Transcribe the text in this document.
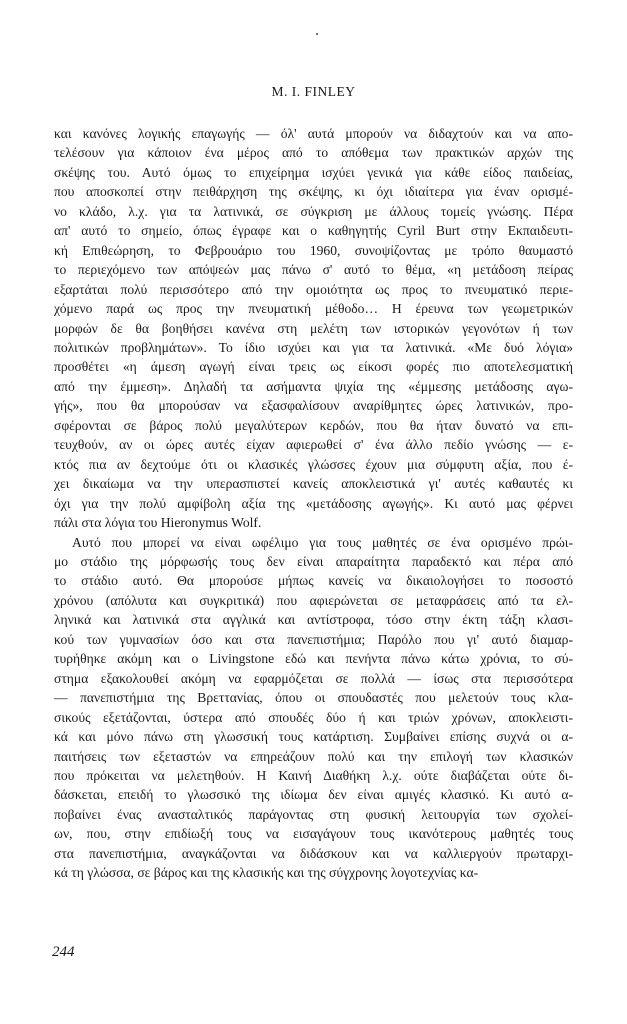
M. I. FINLEY

και κανόνες λογικής επαγωγής — όλ' αυτά μπορούν να διδαχτούν και να απο-
τελέσουν για κάποιον ένα μέρος από το απόθεμα των πρακτικών αρχών της
σκέψης του. Αυτό όμως το επιχείρημα ισχύει γενικά για κάθε είδος παιδείας,
που αποσκοπεί στην πειθάρχηση της σκέψης, κι όχι ιδιαίτερα για έναν ορισμέ-
νο κλάδο, λ.χ. για τα λατινικά, σε σύγκριση με άλλους τομείς γνώσης. Πέρα
απ' αυτό το σημείο, όπως έγραφε και ο καθηγητής Cyril Burt στην Εκπαιδευτι-
κή Επιθεώρηση, το Φεβρουάριο του 1960, συνοψίζοντας με τρόπο θαυμαστό
το περιεχόμενο των απόψεών μας πάνω σ' αυτό το θέμα, «η μετάδοση πείρας
εξαρτάται πολύ περισσότερο από την ομοιότητα ως προς το πνευματικό περιε-
χόμενο παρά ως προς την πνευματική μέθοδο… Η έρευνα των γεωμετρικών
μορφών δε θα βοηθήσει κανένα στη μελέτη των ιστορικών γεγονότων ή των
πολιτικών προβλημάτων». Το ίδιο ισχύει και για τα λατινικά. «Με δυό λόγια»
προσθέτει «η άμεση αγωγή είναι τρεις ως είκοσι φορές πιο αποτελεσματική
από την έμμεση». Δηλαδή τα ασήμαντα ψιχία της «έμμεσης μετάδοσης αγω-
γής», που θα μπορούσαν να εξασφαλίσουν αναρίθμητες ώρες λατινικών, προ-
σφέρονται σε βάρος πολύ μεγαλύτερων κερδών, που θα ήταν δυνατό να επι-
τευχθούν, αν οι ώρες αυτές είχαν αφιερωθεί σ' ένα άλλο πεδίο γνώσης — ε-
κτός πια αν δεχτούμε ότι οι κλασικές γλώσσες έχουν μια σύμφυτη αξία, που έ-
χει δικαίωμα να την υπερασπιστεί κανείς αποκλειστικά γι' αυτές καθαυτές κι
όχι για την πολύ αμφίβολη αξία της «μετάδοσης αγωγής». Κι αυτό μας φέρνει
πάλι στα λόγια του Hieronymus Wolf.

Αυτό που μπορεί να είναι ωφέλιμο για τους μαθητές σε ένα ορισμένο πρώι-
μο στάδιο της μόρφωσής τους δεν είναι απαραίτητα παραδεκτό και πέρα από
το στάδιο αυτό. Θα μπορούσε μήπως κανείς να δικαιολογήσει το ποσοστό
χρόνου (απόλυτα και συγκριτικά) που αφιερώνεται σε μεταφράσεις από τα ελ-
ληνικά και λατινικά στα αγγλικά και αντίστροφα, τόσο στην έκτη τάξη κλασι-
κού των γυμνασίων όσο και στα πανεπιστήμια; Παρόλο που γι' αυτό διαμαρ-
τυρήθηκε ακόμη και ο Livingstone εδώ και πενήντα πάνω κάτω χρόνια, το σύ-
στημα εξακολουθεί ακόμη να εφαρμόζεται σε πολλά — ίσως στα περισσότερα
— πανεπιστήμια της Βρεττανίας, όπου οι σπουδαστές που μελετούν τους κλα-
σικούς εξετάζονται, ύστερα από σπουδές δύο ή και τριών χρόνων, αποκλειστι-
κά και μόνο πάνω στη γλωσσική τους κατάρτιση. Συμβαίνει επίσης συχνά οι α-
παιτήσεις των εξεταστών να επηρεάζουν πολύ και την επιλογή των κλασικών
που πρόκειται να μελετηθούν. Η Καινή Διαθήκη λ.χ. ούτε διαβάζεται ούτε δι-
δάσκεται, επειδή το γλωσσικό της ιδίωμα δεν είναι αμιγές κλασικό. Κι αυτό α-
ποβαίνει ένας ανασταλτικός παράγοντας στη φυσική λειτουργία των σχολεί-
ων, που, στην επιδίωξή τους να εισαγάγουν τους ικανότερους μαθητές τους
στα πανεπιστήμια, αναγκάζονται να διδάσκουν και να καλλιεργούν πρωταρχι-
κά τη γλώσσα, σε βάρος και της κλασικής και της σύγχρονης λογοτεχνίας κα-

244
